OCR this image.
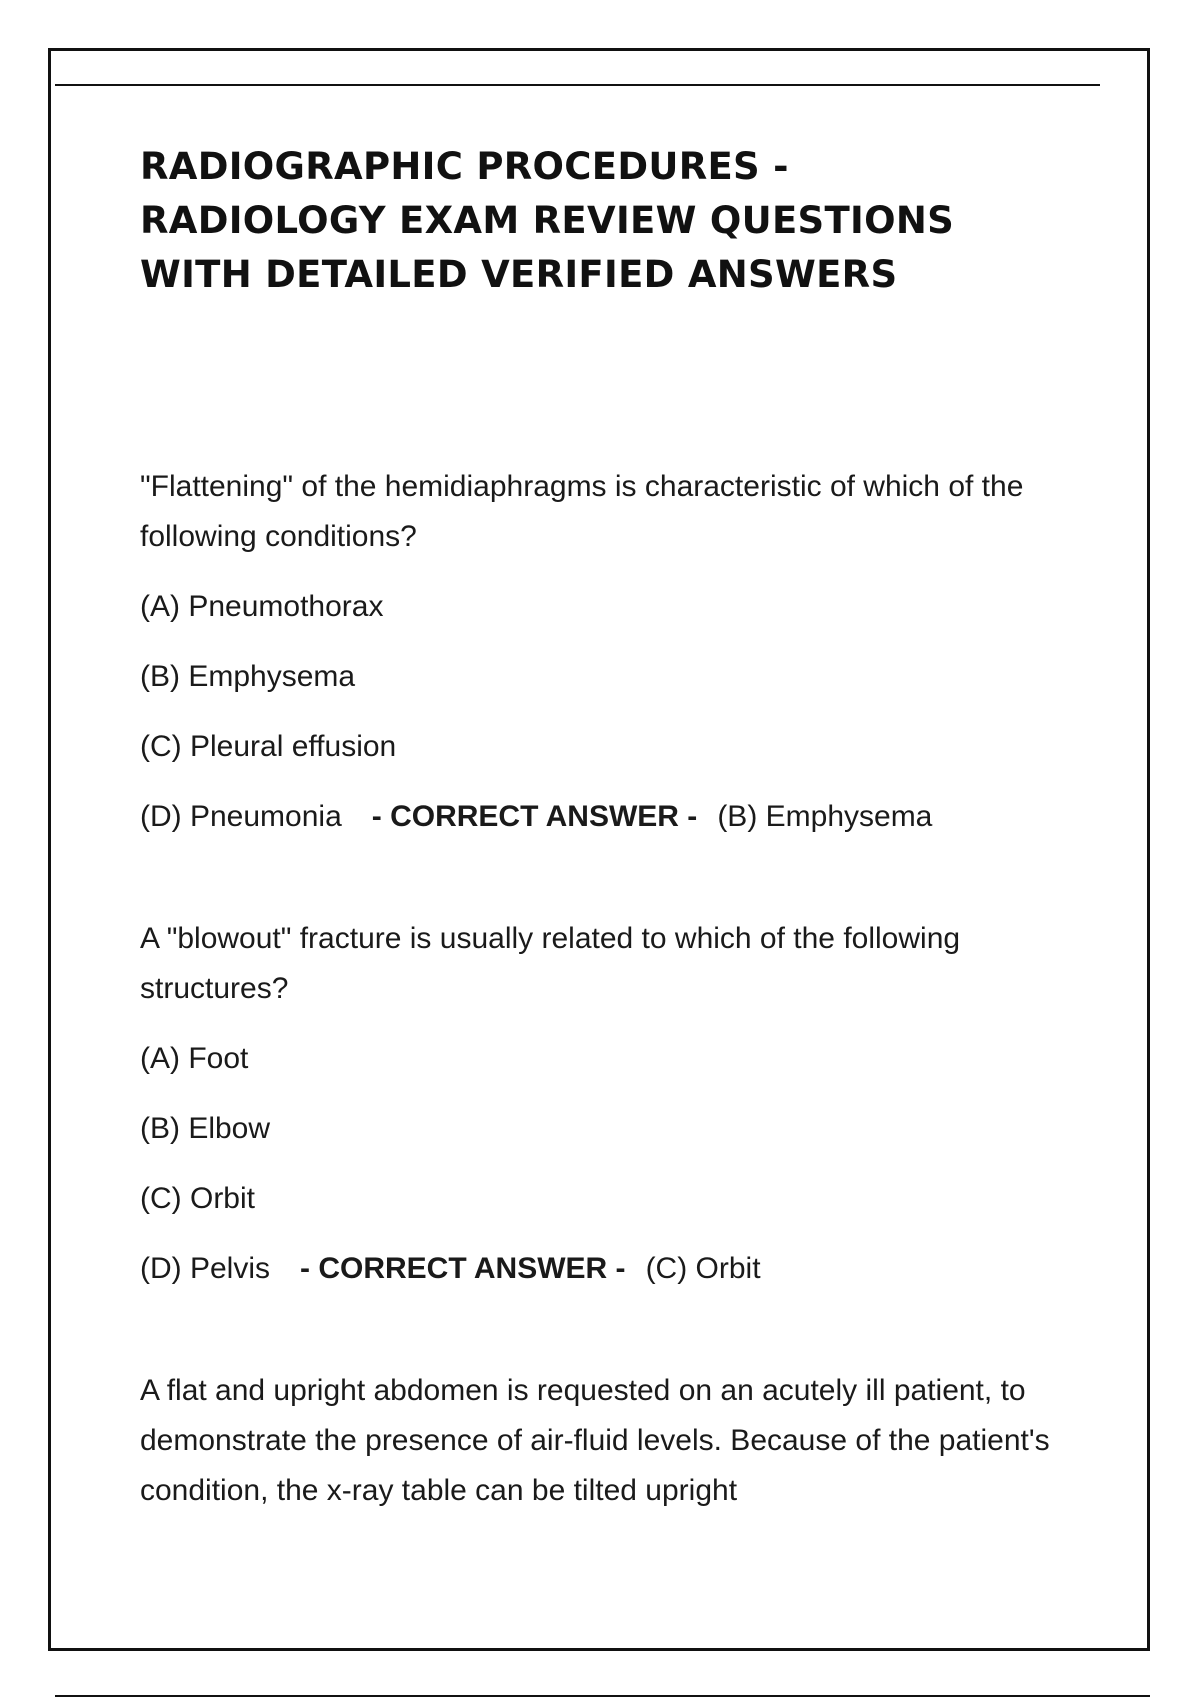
RADIOGRAPHIC PROCEDURES - RADIOLOGY EXAM REVIEW QUESTIONS WITH DETAILED VERIFIED ANSWERS

"Flattening" of the hemidiaphragms is characteristic of which of the following conditions?

(A) Pneumothorax

(B) Emphysema

(C) Pleural effusion

(D) Pneumonia - CORRECT ANSWER - (B) Emphysema

A "blowout" fracture is usually related to which of the following structures?

(A) Foot

(B) Elbow

(C) Orbit

(D) Pelvis - CORRECT ANSWER - (C) Orbit

A flat and upright abdomen is requested on an acutely ill patient, to demonstrate the presence of air-fluid levels. Because of the patient's condition, the x-ray table can be tilted upright
